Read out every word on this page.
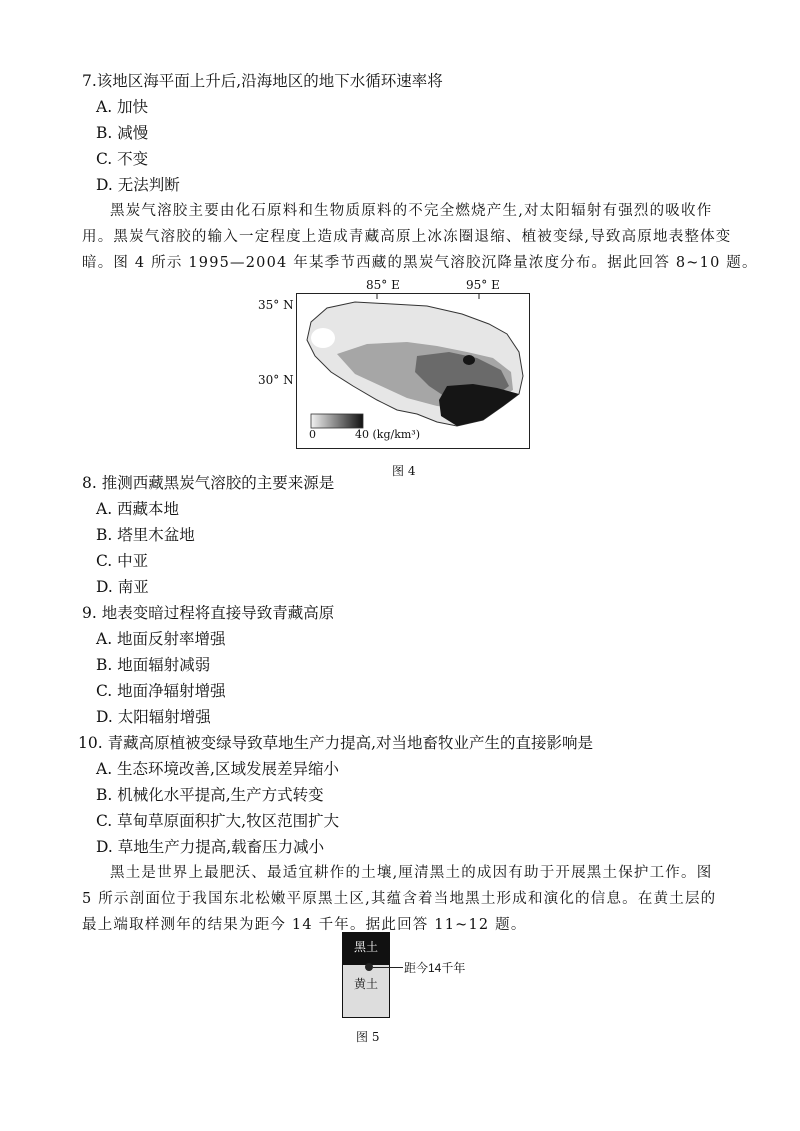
7.该地区海平面上升后,沿海地区的地下水循环速率将
A. 加快
B. 减慢
C. 不变
D. 无法判断
黑炭气溶胶主要由化石原料和生物质原料的不完全燃烧产生,对太阳辐射有强烈的吸收作
用。黑炭气溶胶的输入一定程度上造成青藏高原上冰冻圈退缩、植被变绿,导致高原地表整体变
暗。图 4 所示 1995—2004 年某季节西藏的黑炭气溶胶沉降量浓度分布。据此回答 8~10 题。
85° E	95° E
35° N
30° N
0	40 (kg/km³)
图 4
8. 推测西藏黑炭气溶胶的主要来源是
A. 西藏本地
B. 塔里木盆地
C. 中亚
D. 南亚
9. 地表变暗过程将直接导致青藏高原
A. 地面反射率增强
B. 地面辐射减弱
C. 地面净辐射增强
D. 太阳辐射增强
10. 青藏高原植被变绿导致草地生产力提高,对当地畜牧业产生的直接影响是
A. 生态环境改善,区域发展差异缩小
B. 机械化水平提高,生产方式转变
C. 草甸草原面积扩大,牧区范围扩大
D. 草地生产力提高,载畜压力减小
黑土是世界上最肥沃、最适宜耕作的土壤,厘清黑土的成因有助于开展黑土保护工作。图
5 所示剖面位于我国东北松嫩平原黑土区,其蕴含着当地黑土形成和演化的信息。在黄土层的
最上端取样测年的结果为距今 14 千年。据此回答 11~12 题。
黑土
黄土
距今14千年
图 5
